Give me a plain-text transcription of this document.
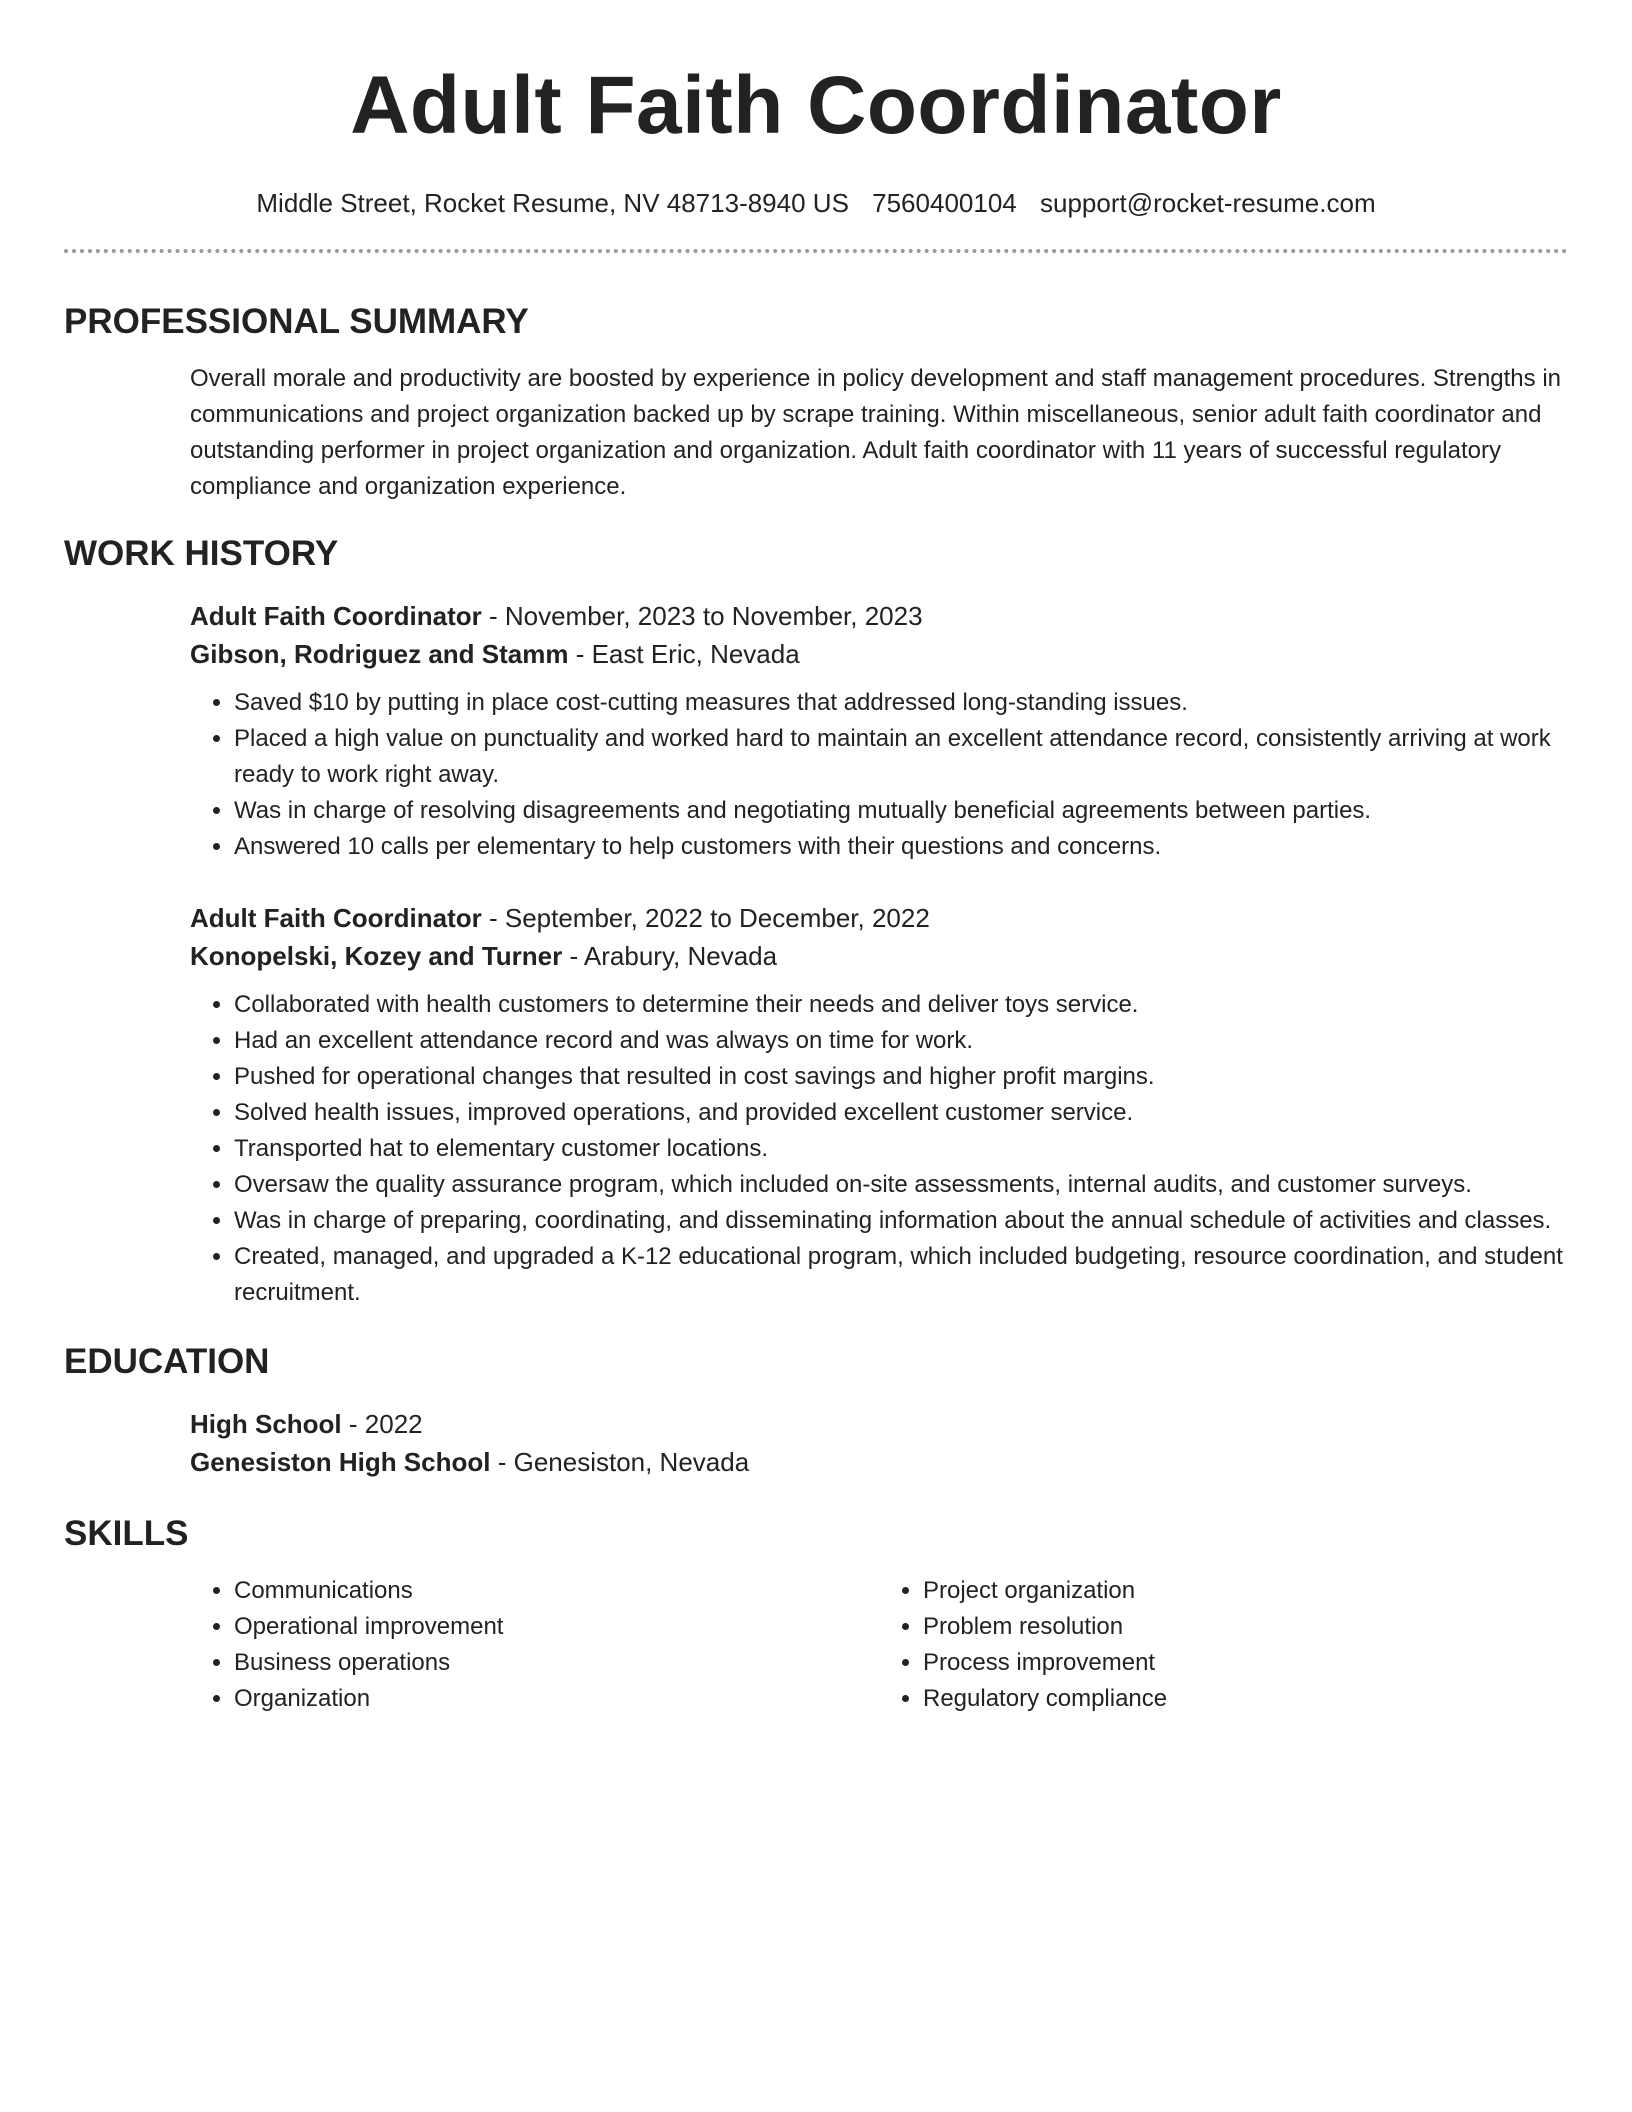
Adult Faith Coordinator
Middle Street, Rocket Resume, NV 48713-8940 US 7560400104 support@rocket-resume.com
PROFESSIONAL SUMMARY

Overall morale and productivity are boosted by experience in policy development and staff management procedures. Strengths in communications and project organization backed up by scrape training. Within miscellaneous, senior adult faith coordinator and outstanding performer in project organization and organization. Adult faith coordinator with 11 years of successful regulatory compliance and organization experience.

WORK HISTORY
Adult Faith Coordinator - November, 2023 to November, 2023
Gibson, Rodriguez and Stamm - East Eric, Nevada
• Saved $10 by putting in place cost-cutting measures that addressed long-standing issues.
• Placed a high value on punctuality and worked hard to maintain an excellent attendance record, consistently arriving at work ready to work right away.
• Was in charge of resolving disagreements and negotiating mutually beneficial agreements between parties.
• Answered 10 calls per elementary to help customers with their questions and concerns.
Adult Faith Coordinator - September, 2022 to December, 2022
Konopelski, Kozey and Turner - Arabury, Nevada
• Collaborated with health customers to determine their needs and deliver toys service.
• Had an excellent attendance record and was always on time for work.
• Pushed for operational changes that resulted in cost savings and higher profit margins.
• Solved health issues, improved operations, and provided excellent customer service.
• Transported hat to elementary customer locations.
• Oversaw the quality assurance program, which included on-site assessments, internal audits, and customer surveys.
• Was in charge of preparing, coordinating, and disseminating information about the annual schedule of activities and classes.
• Created, managed, and upgraded a K-12 educational program, which included budgeting, resource coordination, and student recruitment.
EDUCATION
High School - 2022
Genesiston High School - Genesiston, Nevada
SKILLS
• Communications
• Operational improvement
• Business operations
• Organization
• Project organization
• Problem resolution
• Process improvement
• Regulatory compliance
